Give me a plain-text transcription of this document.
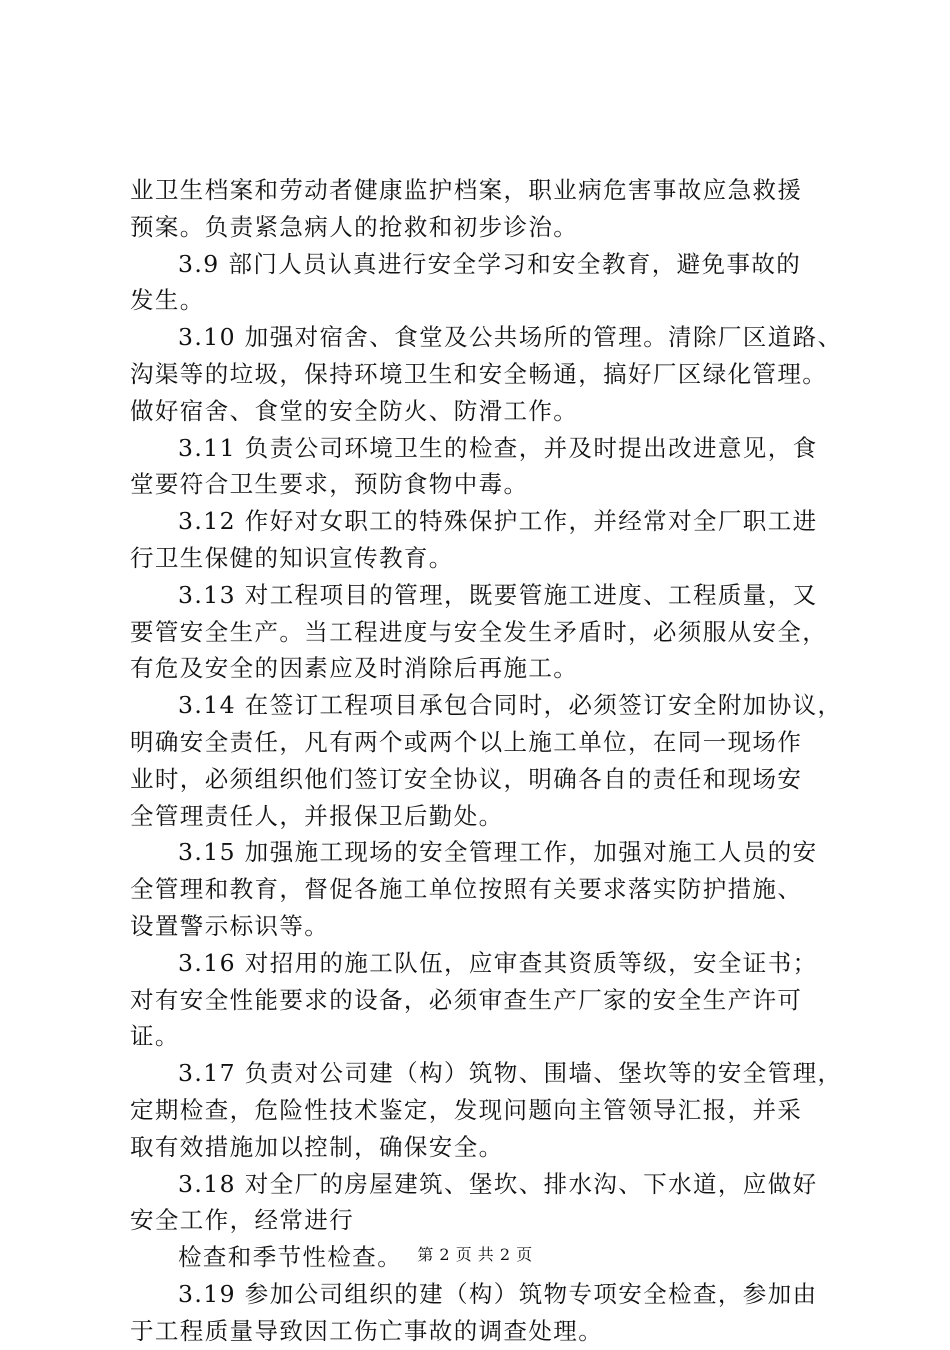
业卫生档案和劳动者健康监护档案，职业病危害事故应急救援
预案。负责紧急病人的抢救和初步诊治。
3.9 部门人员认真进行安全学习和安全教育，避免事故的
发生。
3.10 加强对宿舍、食堂及公共场所的管理。清除厂区道路、
沟渠等的垃圾，保持环境卫生和安全畅通，搞好厂区绿化管理。
做好宿舍、食堂的安全防火、防滑工作。
3.11 负责公司环境卫生的检查，并及时提出改进意见，食
堂要符合卫生要求，预防食物中毒。
3.12 作好对女职工的特殊保护工作，并经常对全厂职工进
行卫生保健的知识宣传教育。
3.13 对工程项目的管理，既要管施工进度、工程质量，又
要管安全生产。当工程进度与安全发生矛盾时，必须服从安全，
有危及安全的因素应及时消除后再施工。
3.14 在签订工程项目承包合同时，必须签订安全附加协议，
明确安全责任，凡有两个或两个以上施工单位，在同一现场作
业时，必须组织他们签订安全协议，明确各自的责任和现场安
全管理责任人，并报保卫后勤处。
3.15 加强施工现场的安全管理工作，加强对施工人员的安
全管理和教育，督促各施工单位按照有关要求落实防护措施、
设置警示标识等。
3.16 对招用的施工队伍，应审查其资质等级，安全证书；
对有安全性能要求的设备，必须审查生产厂家的安全生产许可
证。
3.17 负责对公司建（构）筑物、围墙、堡坎等的安全管理，
定期检查，危险性技术鉴定，发现问题向主管领导汇报，并采
取有效措施加以控制，确保安全。
3.18 对全厂的房屋建筑、堡坎、排水沟、下水道，应做好
安全工作，经常进行
检查和季节性检查。
3.19 参加公司组织的建（构）筑物专项安全检查，参加由
于工程质量导致因工伤亡事故的调查处理。
第 2 页 共 2 页
